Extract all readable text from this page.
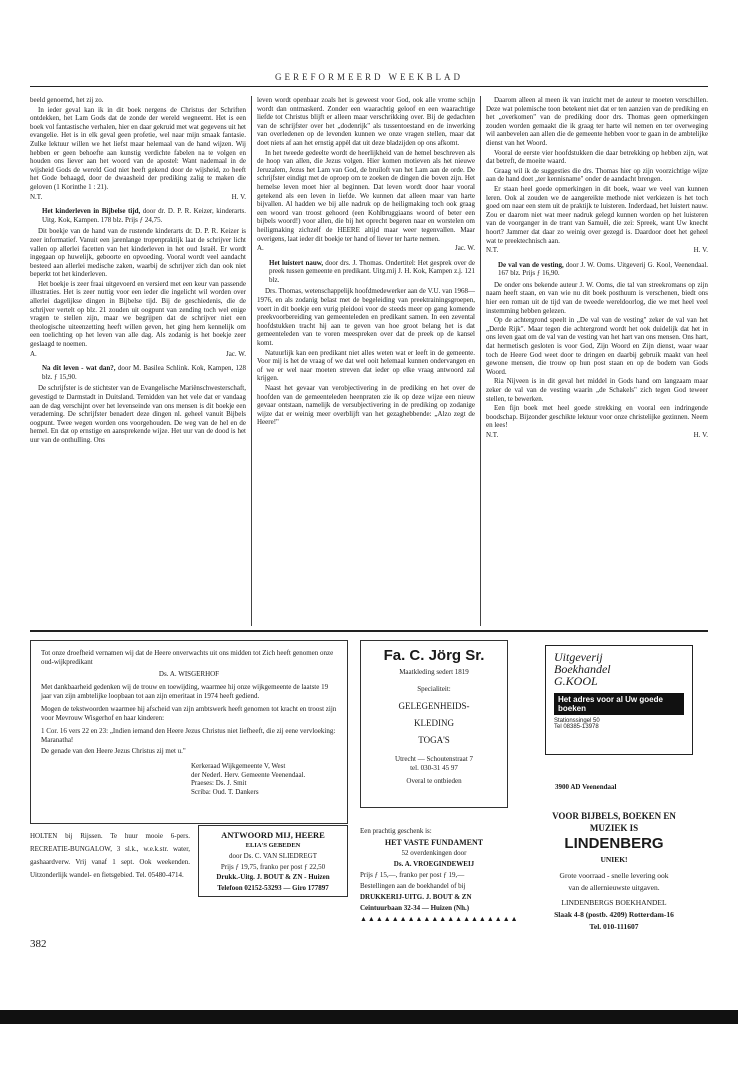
GEREFORMEERD WEEKBLAD

beeld genoemd, het zij zo.

In ieder geval kan ik in dit boek nergens de Christus der Schriften ontdekken, het Lam Gods dat de zonde der wereld wegneemt. Het is een boek vol fantastische verhalen, hier en daar gekruid met wat gegevens uit het evangelie. Het is in elk geval geen profetie, wel naar mijn smaak fantasie. Zulke lektuur willen we het liefst maar helemaal van de hand wijzen. Wij hebben er geen behoefte aan kunstig verdichte fabelen na te volgen en houden ons liever aan het woord van de apostel: Want nademaal in de wijsheid Gods de wereld God niet heeft gekend door de wijsheid, zo heeft het Gode behaagd, door de dwaasheid der prediking zalig te maken die geloven (1 Korinthe 1 : 21).

N.T.	H. V.
Het kinderleven in Bijbelse tijd, door dr. D. P. R. Keizer, kinderarts. Uitg. Kok, Kampen. 178 blz. Prijs ƒ 24,75.

Dit boekje van de hand van de rustende kinderarts dr. D. P. R. Keizer is zeer informatief. Vanuit een jarenlange tropenpraktijk laat de schrijver licht vallen op allerlei facetten van het kinderleven in het oud Israël. Er wordt ingegaan op huwelijk, geboorte en opvoeding. Vooral wordt veel aandacht besteed aan allerlei medische zaken, waarbij de schrijver zich dan ook niet beperkt tot het kinderleven.

Het boekje is zeer fraai uitgevoerd en versierd met een keur van passende illustraties. Het is zeer nuttig voor een ieder die ingelicht wil worden over allerlei dagelijkse dingen in Bijbelse tijd. Bij de geschiedenis, die de schrijver vertelt op blz. 21 zouden uit oogpunt van zending toch wel enige vragen te stellen zijn, maar we begrijpen dat de schrijver niet een theologische uiteenzetting heeft willen geven, het ging hem kennelijk om een toelichting op het leven van alle dag. Als zodanig is het boekje zeer geslaagd te noemen.

A.	Jac. W.
Na dit leven - wat dan?, door M. Basilea Schlink. Kok, Kampen, 128 blz. ƒ 15,90.

De schrijfster is de stichtster van de Evangelische Mariënschwesterschaft, gevestigd te Darmstadt in Duitsland. Temidden van het vele dat er vandaag aan de dag verschijnt over het levenseinde van ons mensen is dit boekje een verademing. De schrijfster benadert deze dingen nl. geheel vanuit Bijbels oogpunt. Twee wegen worden ons voorgehouden. De weg van de hel en de hemel. En dat op ernstige en aansprekende wijze. Het uur van de dood is het uur van de onthulling. Ons

leven wordt openbaar zoals het is geweest voor God, ook alle vrome schijn wordt dan ontmaskerd. Zonder een waarachtig geloof en een waarachtige liefde tot Christus blijft er alleen maar verschrikking over. Bij de gedachten van de schrijfster over het „dodenrijk" als tussentoestand en de inwerking van overledenen op de levenden kunnen we onze vragen stellen, maar dat doet niets af aan het ernstig appèl dat uit deze bladzijden op ons afkomt.

In het tweede gedeelte wordt de heerlijkheid van de hemel beschreven als de hoop van allen, die Jezus volgen. Hier komen motieven als het nieuwe Jeruzalem, Jezus het Lam van God, de bruiloft van het Lam aan de orde. De schrijfster eindigt met de oproep om te zoeken de dingen die boven zijn. Het hemelse leven moet hier al beginnen. Dat leven wordt door haar vooral getekend als een leven in liefde. We kunnen dat alleen maar van harte bijvallen. Al hadden we bij alle nadruk op de heiligmaking toch ook graag een woord van troost gehoord (een Kohlbruggiaans woord of beter een bijbels woord!) voor allen, die bij het oprecht begeren naar en worstelen om heiligmaking zichzelf de HEERE altijd maar weer tegenvallen. Maar overigens, laat ieder dit boekje ter hand of liever ter harte nemen.

A.	Jac. W.
Het luistert nauw, door drs. J. Thomas. Ondertitel: Het gesprek over de preek tussen gemeente en predikant. Uitg.mij J. H. Kok, Kampen z.j. 121 blz.

Drs. Thomas, wetenschappelijk hoofdmedewerker aan de V.U. van 1968—1976, en als zodanig belast met de begeleiding van preektrainingsgroepen, voert in dit boekje een vurig pleidooi voor de steeds meer op gang komende preekvoorbereiding van gemeenteleden en predikant samen. In een zevental hoofdstukken tracht hij aan te geven van hoe groot belang het is dat gemeenteleden van te voren meespreken over dat de preek op de kansel komt.

Natuurlijk kan een predikant niet alles weten wat er leeft in de gemeente. Voor mij is het de vraag of we dat wel ooit helemaal kunnen ondervangen en of we er wel naar moeten streven dat ieder op elke vraag antwoord zal krijgen.

Naast het gevaar van verobjectivering in de prediking en het over de hoofden van de gemeenteleden heenpraten zie ik op deze wijze een nieuw gevaar ontstaan, namelijk de versubjectivering in de prediking op zodanige wijze dat er weinig meer overblijft van het gezaghebbende: „Alzo zegt de Heere!"

Daarom alleen al meen ik van inzicht met de auteur te moeten verschillen. Deze wat polemische toon betekent niet dat er ten aanzien van de prediking en het „overkomen" van de prediking door drs. Thomas geen opmerkingen zouden worden gemaakt die ik graag ter harte wil nemen en ter overweging wil aanbevelen aan allen die de gemeente hebben voor te gaan in de ambtelijke dienst van het Woord.

Vooral de eerste vier hoofdstukken die daar betrekking op hebben zijn, wat dat betreft, de moeite waard.

Graag wil ik de suggesties die drs. Thomas hier op zijn voorzichtige wijze aan de hand doet „ter kennisname" onder de aandacht brengen.

Er staan heel goede opmerkingen in dit boek, waar we veel van kunnen leren. Ook al zouden we de aangereikte methode niet verkiezen is het toch goed om naar een stem uit de praktijk te luisteren. Inderdaad, het luistert nauw. Zou er daarom niet wat meer nadruk gelegd kunnen worden op het luisteren van de voorganger in de trant van Samuël, die zei: Spreek, want Uw knecht hoort? Jammer dat daar zo weinig over gezegd is. Daardoor doet het geheel wat te preektechnisch aan.

N.T.	H. V.
De val van de vesting, door J. W. Ooms. Uitgeverij G. Kool, Veenendaal. 167 blz. Prijs ƒ 16,90.

De onder ons bekende auteur J. W. Ooms, die tal van streekromans op zijn naam heeft staan, en van wie nu dit boek posthuum is verschenen, biedt ons hier een roman uit de tijd van de tweede wereldoorlog, die we met heel veel instemming hebben gelezen.

Op de achtergrond speelt in „De val van de vesting" zeker de val van het „Derde Rijk". Maar tegen die achtergrond wordt het ook duidelijk dat het in ons leven gaat om de val van de vesting van het hart van ons mensen. Ons hart, dat hermetisch gesloten is voor God, Zijn Woord en Zijn dienst, waar waar toch de Heere God weet door te dringen en daarbij gebruik maakt van heel gewone mensen, die trouw op hun post staan en op de bodem van Gods Woord.

Ria Nijveen is in dit geval het middel in Gods hand om langzaam maar zeker de val van de vesting waarin „de Schakels" zich tegen God teweer stellen, te bewerken.

Een fijn boek met heel goede strekking en vooral een indringende boodschap. Bijzonder geschikte lektuur voor onze christelijke gezinnen. Neem en lees!

N.T.	H. V.
Tot onze droefheid vernamen wij dat de Heere onverwachts uit ons midden tot Zich heeft genomen onze oud-wijkpredikant
Ds. A. WISGERHOF
Met dankbaarheid gedenken wij de trouw en toewijding, waarmee hij onze wijkgemeente de laatste 19 jaar van zijn ambtelijke loopbaan tot aan zijn emeritaat in 1974 heeft gediend.
Mogen de tekstwoorden waarmee hij afscheid van zijn ambtswerk heeft genomen tot kracht en troost zijn voor Mevrouw Wisgerhof en haar kinderen:
1 Cor. 16 vers 22 en 23: „Indien iemand den Heere Jezus Christus niet liefheeft, die zij eene vervloeking: Maranatha!
De genade van den Heere Jezus Christus zij met u."
Kerkeraad Wijkgemeente V, West
der Nederl. Herv. Gemeente Veenendaal.
Praeses: Ds. J. Smit
Scriba: Oud. T. Dankers
Fa. C. Jörg Sr.
Maatkleding sedert 1819
Specialiteit:
GELEGENHEIDS-
KLEDING
TOGA'S
Utrecht — Schoutenstraat 7
tel. 030-31 45 97
Overal te ontbieden
Uitgeverij
Boekhandel
G.KOOL
Het adres voor al Uw goede boeken
Stationssingel 50
Tel 08385-13978
3900 AD Veenendaal
Een prachtig geschenk is:
HET VASTE FUNDAMENT
52 overdenkingen door
Ds. A. VROEGINDEWEIJ
Prijs ƒ 15,—, franko per post ƒ 19,—
Bestellingen aan de boekhandel of bij
DRUKKERIJ-UITG. J. BOUT & ZN
Ceintuurbaan 32-34 — Huizen (Nh.)
▲▲▲▲▲▲▲▲▲▲▲▲▲▲▲▲▲▲▲▲
VOOR BIJBELS, BOEKEN EN
MUZIEK IS
LINDENBERG
UNIEK!
Grote voorraad - snelle levering ook
van de allernieuwste uitgaven.
LINDENBERGS BOEKHANDEL
Slaak 4-8 (postb. 4209) Rotterdam-16
Tel. 010-111607
HOLTEN bij Rijssen. Te huur mooie 6-pers. RECREATIE-BUNGALOW, 3 sl.k., w.e.k.str. water, gashaardverw. Vrij vanaf 1 sept. Ook weekenden. Uitzonderlijk wandel- en fietsgebied. Tel. 05480-4714.
ANTWOORD MIJ, HEERE
ELIA'S GEBEDEN
door Ds. C. VAN SLIEDREGT
Prijs ƒ 19,75, franko per post ƒ 22,50
Drukk.-Uitg. J. BOUT & ZN - Huizen
Telefoon 02152-53293 — Giro 177897
382
